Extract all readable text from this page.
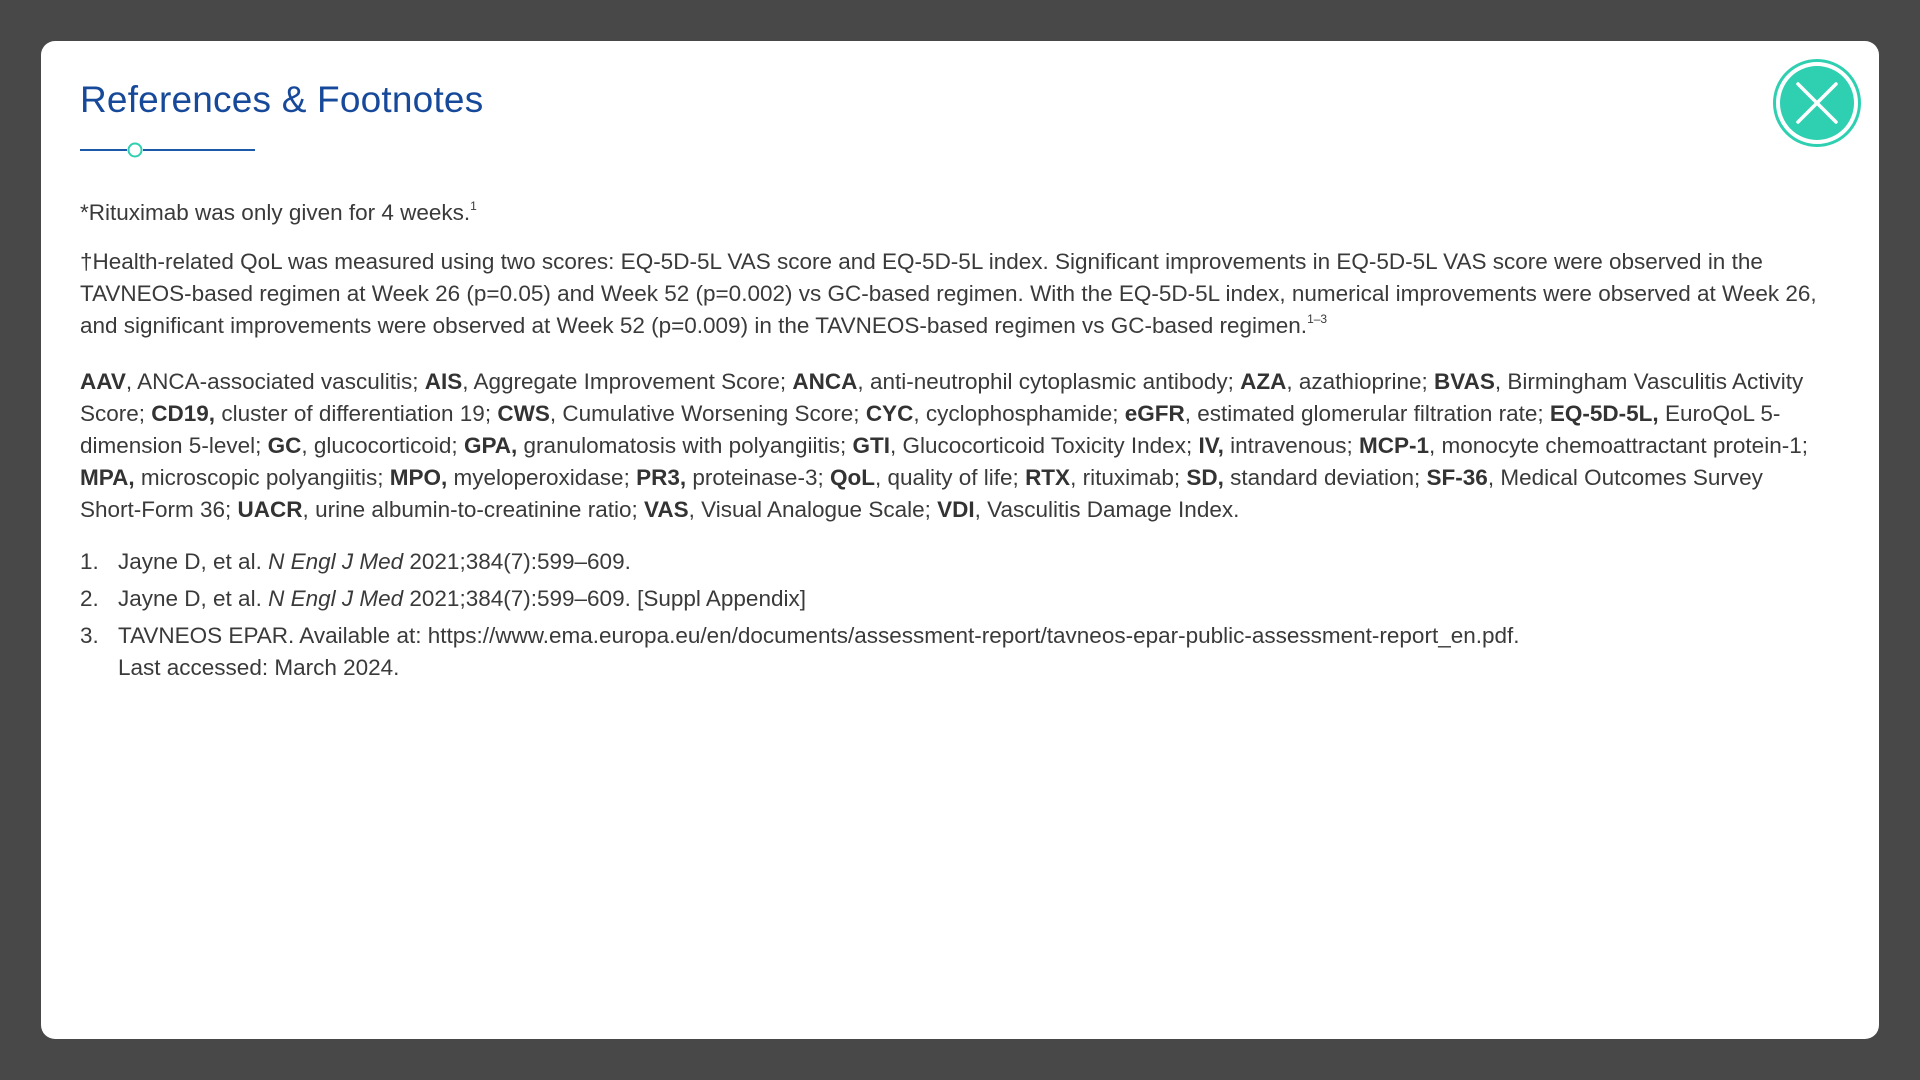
References & Footnotes

*Rituximab was only given for 4 weeks.$^1$

†Health-related QoL was measured using two scores: EQ-5D-5L VAS score and EQ-5D-5L index. Significant improvements in EQ-5D-5L VAS score were observed in the TAVNEOS-based regimen at Week 26 (p=0.05) and Week 52 (p=0.002) vs GC-based regimen. With the EQ-5D-5L index, numerical improvements were observed at Week 26, and significant improvements were observed at Week 52 (p=0.009) in the TAVNEOS-based regimen vs GC-based regimen.$^{1-3}$

AAV, ANCA-associated vasculitis; AIS, Aggregate Improvement Score; ANCA, anti-neutrophil cytoplasmic antibody; AZA, azathioprine; BVAS, Birmingham Vasculitis Activity Score; CD19, cluster of differentiation 19; CWS, Cumulative Worsening Score; CYC, cyclophosphamide; eGFR, estimated glomerular filtration rate; EQ-5D-5L, EuroQoL 5-dimension 5-level; GC, glucocorticoid; GPA, granulomatosis with polyangiitis; GTI, Glucocorticoid Toxicity Index; IV, intravenous; MCP-1, monocyte chemoattractant protein-1; MPA, microscopic polyangiitis; MPO, myeloperoxidase; PR3, proteinase-3; QoL, quality of life; RTX, rituximab; SD, standard deviation; SF-36, Medical Outcomes Survey Short-Form 36; UACR, urine albumin-to-creatinine ratio; VAS, Visual Analogue Scale; VDI, Vasculitis Damage Index.

1. Jayne D, et al. N Engl J Med 2021;384(7):599–609.
2. Jayne D, et al. N Engl J Med 2021;384(7):599–609. [Suppl Appendix]
3. TAVNEOS EPAR. Available at: https://www.ema.europa.eu/en/documents/assessment-report/tavneos-epar-public-assessment-report_en.pdf.
Last accessed: March 2024.
